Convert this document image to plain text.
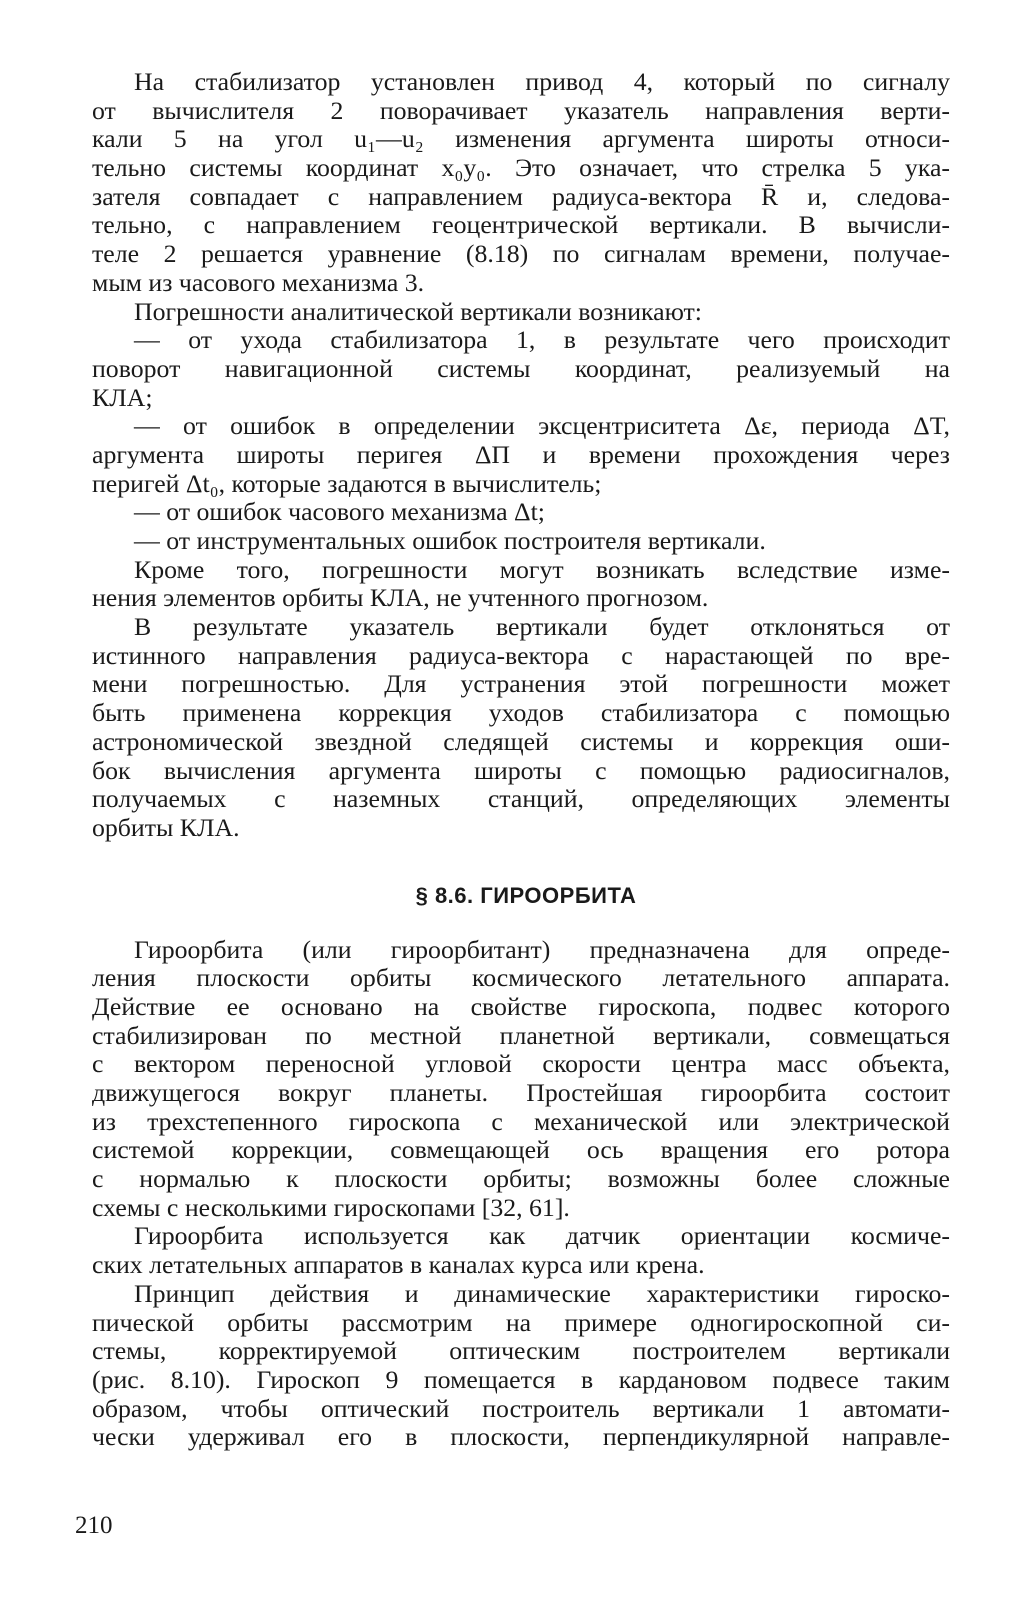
На стабилизатор установлен привод 4, который по сигналу
от вычислителя 2 поворачивает указатель направления верти-
кали 5 на угол u₁—u₂ изменения аргумента широты относи-
тельно системы координат x₀y₀. Это означает, что стрелка 5 ука-
зателя совпадает с направлением радиуса-вектора R̄ и, следова-
тельно, с направлением геоцентрической вертикали. В вычисли-
теле 2 решается уравнение (8.18) по сигналам времени, получае-
мым из часового механизма 3.
Погрешности аналитической вертикали возникают:
— от ухода стабилизатора 1, в результате чего происходит
поворот навигационной системы координат, реализуемый на
КЛА;
— от ошибок в определении эксцентриситета Δε, периода ΔT,
аргумента широты перигея ΔП и времени прохождения через
перигей Δt₀, которые задаются в вычислитель;
— от ошибок часового механизма Δt;
— от инструментальных ошибок построителя вертикали.
Кроме того, погрешности могут возникать вследствие изме-
нения элементов орбиты КЛА, не учтенного прогнозом.
В результате указатель вертикали будет отклоняться от
истинного направления радиуса-вектора с нарастающей по вре-
мени погрешностью. Для устранения этой погрешности может
быть применена коррекция уходов стабилизатора с помощью
астрономической звездной следящей системы и коррекция оши-
бок вычисления аргумента широты с помощью радиосигналов,
получаемых с наземных станций, определяющих элементы
орбиты КЛА.
§ 8.6. ГИРООРБИТА
Гироорбита (или гироорбитант) предназначена для опреде-
ления плоскости орбиты космического летательного аппарата.
Действие ее основано на свойстве гироскопа, подвес которого
стабилизирован по местной планетной вертикали, совмещаться
с вектором переносной угловой скорости центра масс объекта,
движущегося вокруг планеты. Простейшая гироорбита состоит
из трехстепенного гироскопа с механической или электрической
системой коррекции, совмещающей ось вращения его ротора
с нормалью к плоскости орбиты; возможны более сложные
схемы с несколькими гироскопами [32, 61].
Гироорбита используется как датчик ориентации космиче-
ских летательных аппаратов в каналах курса или крена.
Принцип действия и динамические характеристики гироско-
пической орбиты рассмотрим на примере одногироскопной си-
стемы, корректируемой оптическим построителем вертикали
(рис. 8.10). Гироскоп 9 помещается в кардановом подвесе таким
образом, чтобы оптический построитель вертикали 1 автомати-
чески удерживал его в плоскости, перпендикулярной направле-
210
